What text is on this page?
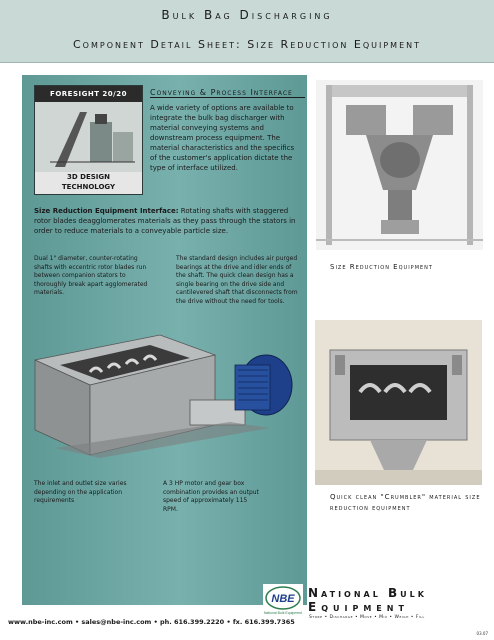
Bulk Bag Discharging
Component Detail Sheet: Size Reduction Equipment
FORESIGHT 20/20
3D DESIGN
TECHNOLOGY
Conveying & Process Interface
A wide variety of options are available to integrate the bulk bag discharger with material conveying systems and downstream process equipment. The material characteristics and the specifics of the customer's application dictate the type of interface utilized.
Size Reduction Equipment Interface: Rotating shafts with staggered rotor blades deagglomerates materials as they pass through the stators in order to reduce materials to a conveyable particle size.
Dual 1" diameter, counter-rotating shafts with eccentric rotor blades run between companion stators to thoroughly break apart agglomerated materials.
The standard design includes air purged bearings at the drive and idler ends of the shaft. The quick clean design has a single bearing on the drive side and cantilevered shaft that disconnects from the drive without the need for tools.
The inlet and outlet size varies depending on the application requirements
A 3 HP motor and gear box combination provides an output speed of approximately 115 RPM.
Size Reduction Equipment
Quick clean "Crumbler" material size reduction equipment
NBE
National Bulk Equipment
National Bulk
Equipment
Store • Discharge • Move • Mix • Weigh • Fill
www.nbe-inc.com • sales@nbe-inc.com • ph. 616.399.2220 • fx. 616.399.7365
03.07
